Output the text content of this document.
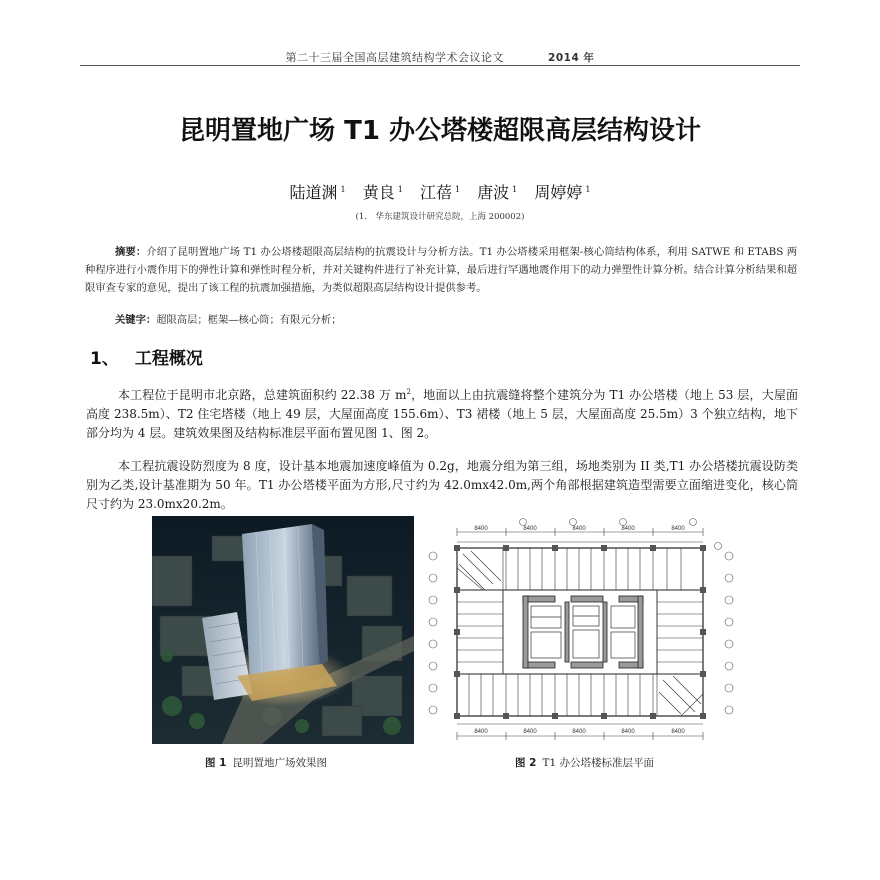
第二十三届全国高层建筑结构学术会议论文	2014 年
昆明置地广场 T1 办公塔楼超限高层结构设计
陆道渊 $^1$ 黄良 $^1$ 江蓓 $^1$ 唐波 $^1$ 周婷婷 $^1$
(1.　华东建筑设计研究总院，上海 200002)

摘要：介绍了昆明置地广场 T1 办公塔楼超限高层结构的抗震设计与分析方法。T1 办公塔楼采用框架-核心筒结构体系，利用 SATWE 和 ETABS 两种程序进行小震作用下的弹性计算和弹性时程分析，并对关键构件进行了补充计算，最后进行罕遇地震作用下的动力弹塑性计算分析。结合计算分析结果和超限审查专家的意见，提出了该工程的抗震加强措施，为类似超限高层结构设计提供参考。

关键字：超限高层；框架—核心筒；有限元分析；

1、 工程概况

本工程位于昆明市北京路，总建筑面积约 22.38 万 $m^2$，地面以上由抗震缝将整个建筑分为 T1 办公塔楼（地上 53 层，大屋面高度 238.5m）、T2 住宅塔楼（地上 49 层，大屋面高度 155.6m）、T3 裙楼（地上 5 层，大屋面高度 25.5m）3 个独立结构，地下部分均为 4 层。建筑效果图及结构标准层平面布置见图 1、图 2。

本工程抗震设防烈度为 8 度，设计基本地震加速度峰值为 0.2g，地震分组为第三组，场地类别为 II 类,T1 办公塔楼抗震设防类别为乙类,设计基准期为 50 年。T1 办公塔楼平面为方形,尺寸约为 42.0mx42.0m,两个角部根据建筑造型需要立面缩进变化，核心筒尺寸约为 23.0mx20.2m。

8400	8400	8400	8400	8400
8400	8400	8400	8400	8400
图 1 昆明置地广场效果图	图 2 T1 办公塔楼标准层平面
